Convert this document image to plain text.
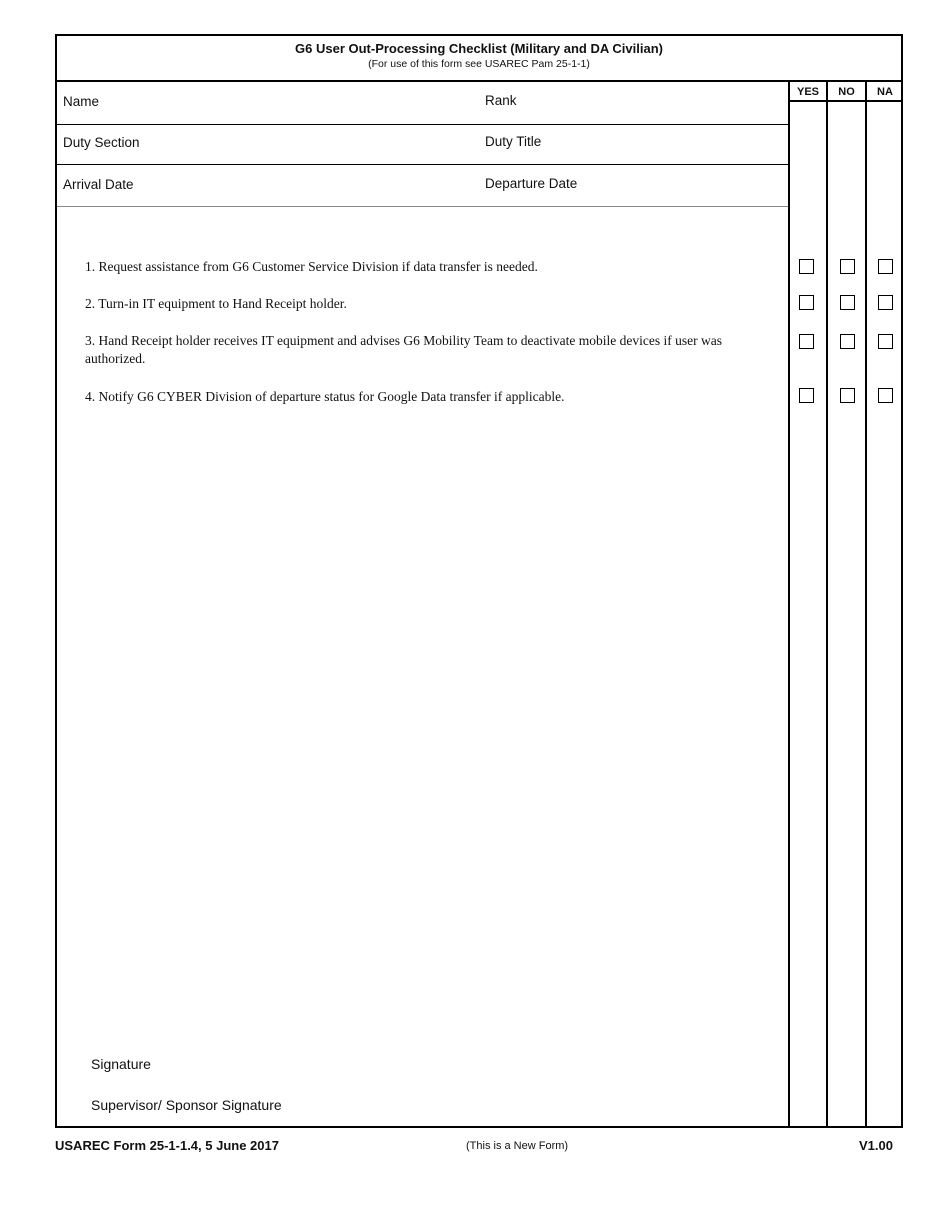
G6 User Out-Processing Checklist (Military and DA Civilian)
(For use of this form see USAREC Pam 25-1-1)
YES	NO	NA
Name	Rank
Duty Section	Duty Title
Arrival Date	Departure Date
1. Request assistance from G6 Customer Service Division if data transfer is needed.
2. Turn-in IT equipment to Hand Receipt holder.
3. Hand Receipt holder receives IT equipment and advises G6 Mobility Team to deactivate mobile devices if user was authorized.
4. Notify G6 CYBER Division of departure status for Google Data transfer if applicable.
Signature
Supervisor/ Sponsor Signature
USAREC Form 25-1-1.4, 5 June 2017	(This is a New Form)	V1.00
